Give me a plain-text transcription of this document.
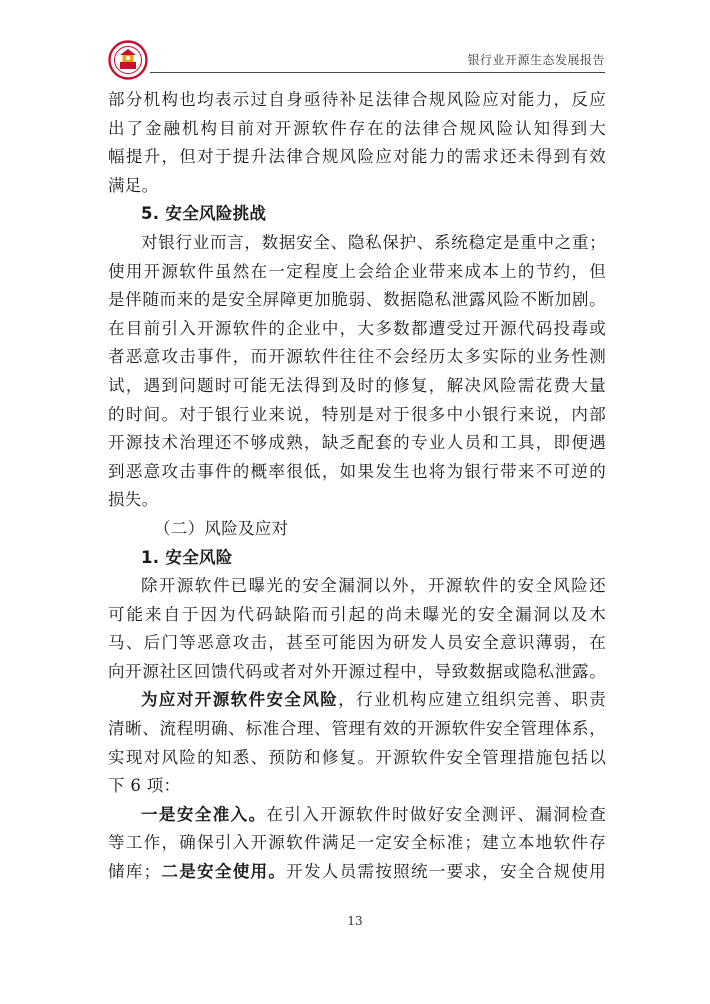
银行业开源生态发展报告
部分机构也均表示过自身亟待补足法律合规风险应对能力，反应
出了金融机构目前对开源软件存在的法律合规风险认知得到大
幅提升，但对于提升法律合规风险应对能力的需求还未得到有效
满足。
5. 安全风险挑战
对银行业而言，数据安全、隐私保护、系统稳定是重中之重；
使用开源软件虽然在一定程度上会给企业带来成本上的节约，但
是伴随而来的是安全屏障更加脆弱、数据隐私泄露风险不断加剧。
在目前引入开源软件的企业中，大多数都遭受过开源代码投毒或
者恶意攻击事件，而开源软件往往不会经历太多实际的业务性测
试，遇到问题时可能无法得到及时的修复，解决风险需花费大量
的时间。对于银行业来说，特别是对于很多中小银行来说，内部
开源技术治理还不够成熟，缺乏配套的专业人员和工具，即便遇
到恶意攻击事件的概率很低，如果发生也将为银行带来不可逆的
损失。
（二）风险及应对
1. 安全风险
除开源软件已曝光的安全漏洞以外，开源软件的安全风险还
可能来自于因为代码缺陷而引起的尚未曝光的安全漏洞以及木
马、后门等恶意攻击，甚至可能因为研发人员安全意识薄弱，在
向开源社区回馈代码或者对外开源过程中，导致数据或隐私泄露。
为应对开源软件安全风险，行业机构应建立组织完善、职责
清晰、流程明确、标准合理、管理有效的开源软件安全管理体系，
实现对风险的知悉、预防和修复。开源软件安全管理措施包括以
下 6 项：
一是安全准入。在引入开源软件时做好安全测评、漏洞检查
等工作，确保引入开源软件满足一定安全标准；建立本地软件存
储库；二是安全使用。开发人员需按照统一要求，安全合规使用
13
